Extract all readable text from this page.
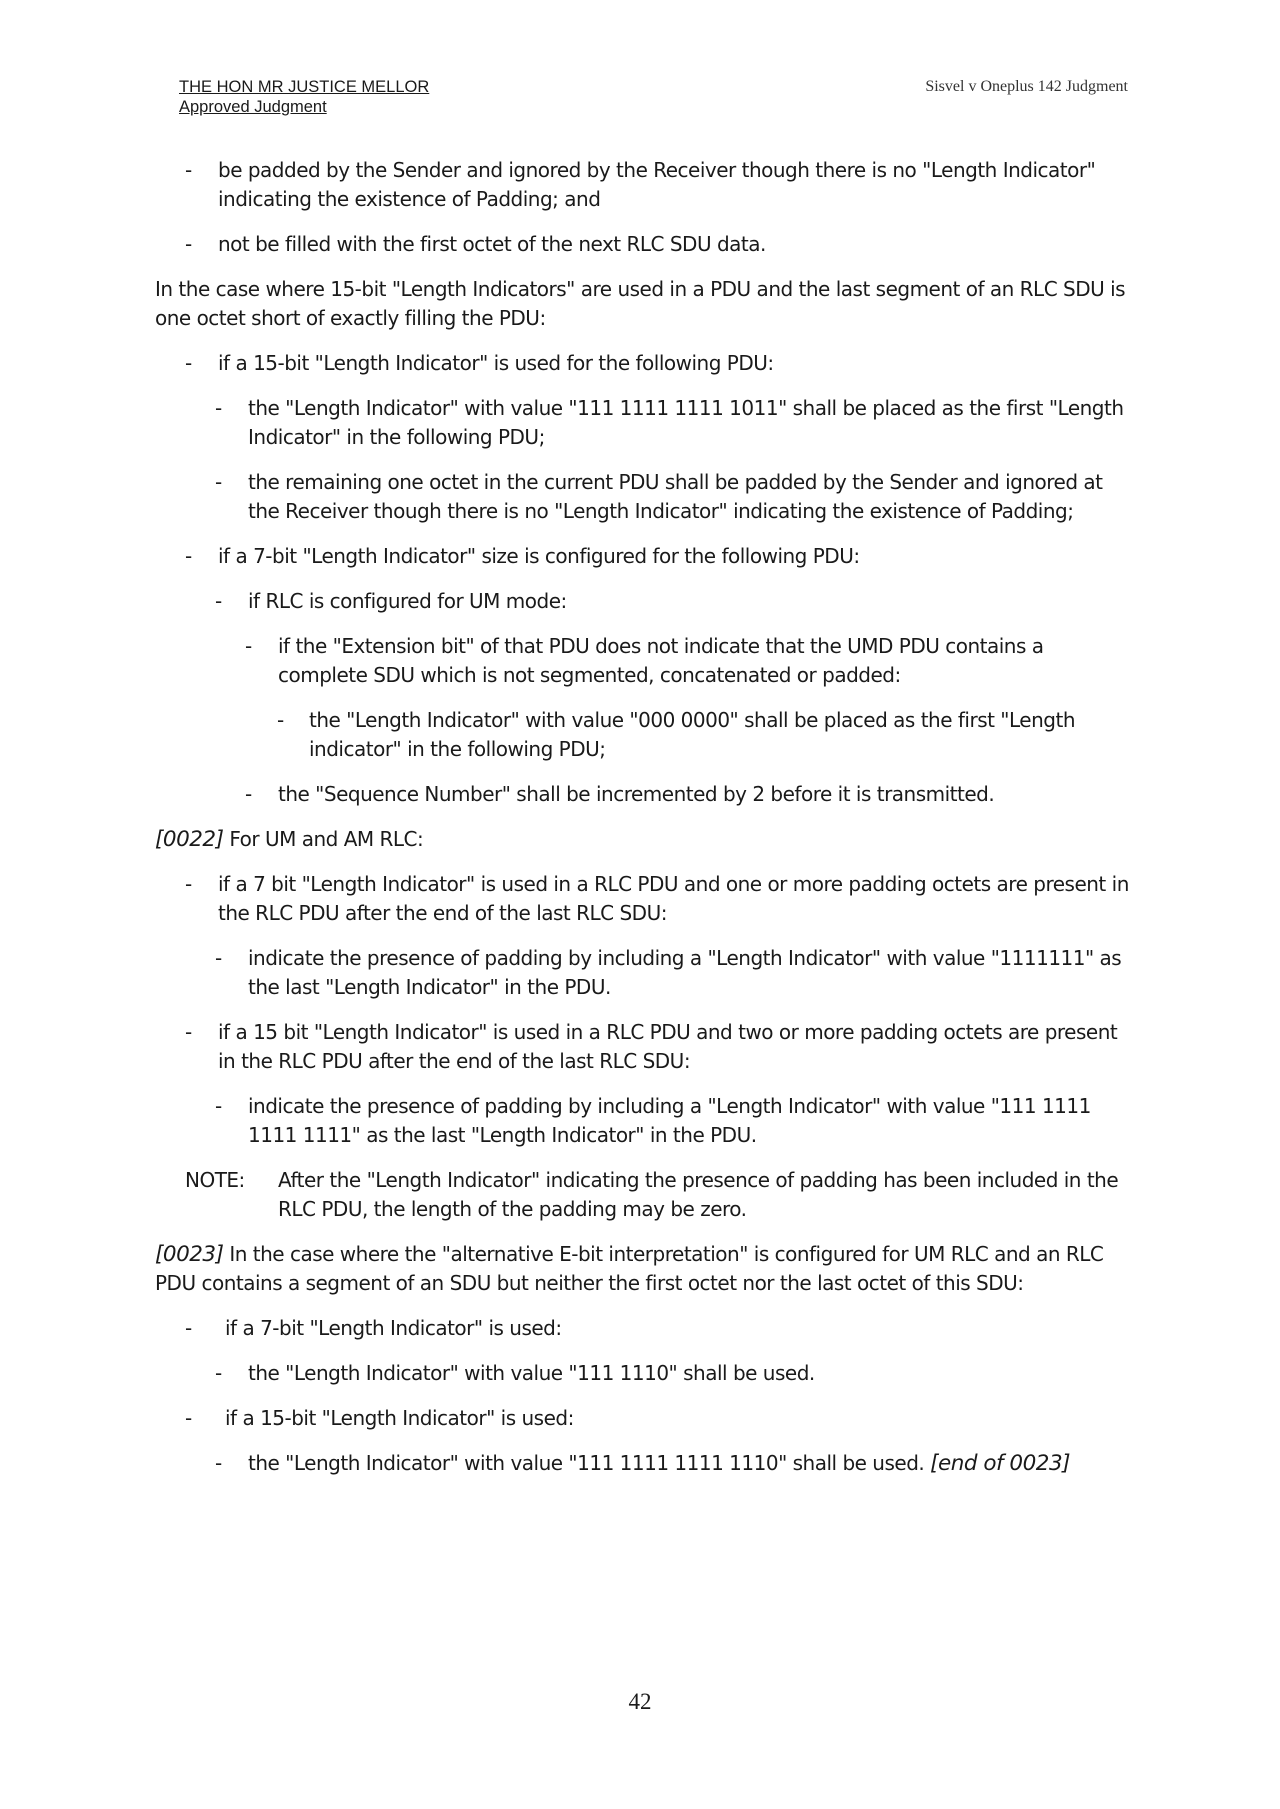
THE HON MR JUSTICE MELLOR
Approved Judgment
Sisvel v Oneplus 142 Judgment
- be padded by the Sender and ignored by the Receiver though there is no "Length Indicator" indicating the existence of Padding; and
- not be filled with the first octet of the next RLC SDU data.

In the case where 15-bit "Length Indicators" are used in a PDU and the last segment of an RLC SDU is one octet short of exactly filling the PDU:

- if a 15-bit "Length Indicator" is used for the following PDU:
- the "Length Indicator" with value "111 1111 1111 1011" shall be placed as the first "Length Indicator" in the following PDU;
- the remaining one octet in the current PDU shall be padded by the Sender and ignored at the Receiver though there is no "Length Indicator" indicating the existence of Padding;
- if a 7-bit "Length Indicator" size is configured for the following PDU:
- if RLC is configured for UM mode:
- if the "Extension bit" of that PDU does not indicate that the UMD PDU contains a complete SDU which is not segmented, concatenated or padded:
- the "Length Indicator" with value "000 0000" shall be placed as the first "Length indicator" in the following PDU;
- the "Sequence Number" shall be incremented by 2 before it is transmitted.

[0022] For UM and AM RLC:

- if a 7 bit "Length Indicator" is used in a RLC PDU and one or more padding octets are present in the RLC PDU after the end of the last RLC SDU:
- indicate the presence of padding by including a "Length Indicator" with value "1111111" as the last "Length Indicator" in the PDU.
- if a 15 bit "Length Indicator" is used in a RLC PDU and two or more padding octets are present in the RLC PDU after the end of the last RLC SDU:
- indicate the presence of padding by including a "Length Indicator" with value "111 1111 1111 1111" as the last "Length Indicator" in the PDU.
NOTE: After the "Length Indicator" indicating the presence of padding has been included in the RLC PDU, the length of the padding may be zero.

[0023] In the case where the "alternative E-bit interpretation" is configured for UM RLC and an RLC PDU contains a segment of an SDU but neither the first octet nor the last octet of this SDU:

- if a 7-bit "Length Indicator" is used:
- the "Length Indicator" with value "111 1110" shall be used.
- if a 15-bit "Length Indicator" is used:
- the "Length Indicator" with value "111 1111 1111 1110" shall be used. [end of 0023]
42
